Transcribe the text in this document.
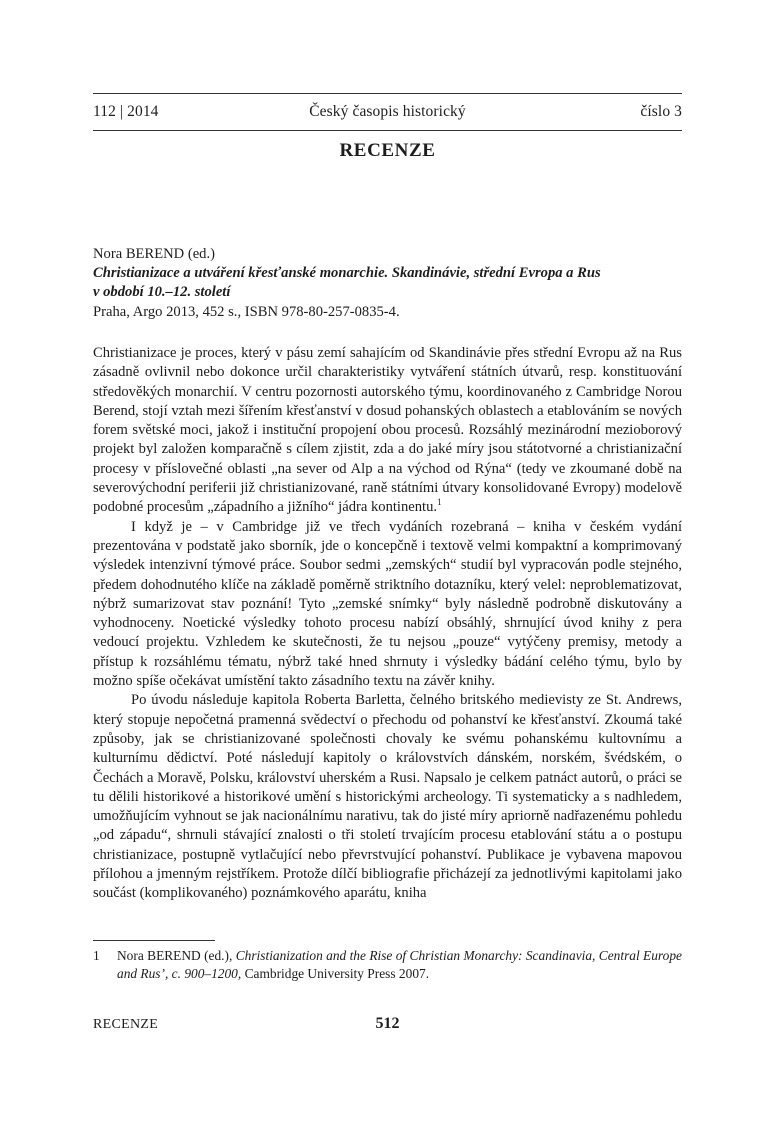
112 | 2014	Český časopis historický	číslo 3
RECENZE
Nora BEREND (ed.)
Christianizace a utváření křesťanské monarchie. Skandinávie, střední Evropa a Rus
v období 10.–12. století
Praha, Argo 2013, 452 s., ISBN 978-80-257-0835-4.

Christianizace je proces, který v pásu zemí sahajícím od Skandinávie přes střední Evropu až na Rus zásadně ovlivnil nebo dokonce určil charakteristiky vytváření státních útvarů, resp. konstituování středověkých monarchií. V centru pozornosti autorského týmu, koordinovaného z Cambridge Norou Berend, stojí vztah mezi šířením křesťanství v dosud pohanských oblastech a etablováním se nových forem světské moci, jakož i instituční propojení obou procesů. Rozsáhlý mezinárodní mezioborový projekt byl založen komparačně s cílem zjistit, zda a do jaké míry jsou státotvorné a christianizační procesy v příslovečné oblasti „na sever od Alp a na východ od Rýna“ (tedy ve zkoumané době na severovýchodní periferii již christianizované, raně státními útvary konsolidované Evropy) modelově podobné procesům „západního a jižního“ jádra kontinentu.$^1$

I když je – v Cambridge již ve třech vydáních rozebraná – kniha v českém vydání prezentována v podstatě jako sborník, jde o koncepčně i textově velmi kompaktní a komprimovaný výsledek intenzivní týmové práce. Soubor sedmi „zemských“ studií byl vypracován podle stejného, předem dohodnutého klíče na základě poměrně striktního dotazníku, který velel: neproblematizovat, nýbrž sumarizovat stav poznání! Tyto „zemské snímky“ byly následně podrobně diskutovány a vyhodnoceny. Noetické výsledky tohoto procesu nabízí obsáhlý, shrnující úvod knihy z pera vedoucí projektu. Vzhledem ke skutečnosti, že tu nejsou „pouze“ vytýčeny premisy, metody a přístup k rozsáhlému tématu, nýbrž také hned shrnuty i výsledky bádání celého týmu, bylo by možno spíše očekávat umístění takto zásadního textu na závěr knihy.

Po úvodu následuje kapitola Roberta Barletta, čelného britského medievisty ze St. Andrews, který stopuje nepočetná pramenná svědectví o přechodu od pohanství ke křesťanství. Zkoumá také způsoby, jak se christianizované společnosti chovaly ke svému pohanskému kultovnímu a kulturnímu dědictví. Poté následují kapitoly o královstvích dánském, norském, švédském, o Čechách a Moravě, Polsku, království uherském a Rusi. Napsalo je celkem patnáct autorů, o práci se tu dělili historikové a historikové umění s historickými archeology. Ti systematicky a s nadhledem, umožňujícím vyhnout se jak nacionálnímu narativu, tak do jisté míry apriorně nadřazenému pohledu „od západu“, shrnuli stávající znalosti o tři století trvajícím procesu etablování státu a o postupu christianizace, postupně vytlačující nebo převrstvující pohanství. Publikace je vybavena mapovou přílohou a jmenným rejstříkem. Protože dílčí bibliografie přicházejí za jednotlivými kapitolami jako součást (komplikovaného) poznámkového aparátu, kniha

1	Nora BEREND (ed.), Christianization and the Rise of Christian Monarchy: Scandinavia, Central Europe and Rus’, c. 900–1200, Cambridge University Press 2007.
RECENZE	512
